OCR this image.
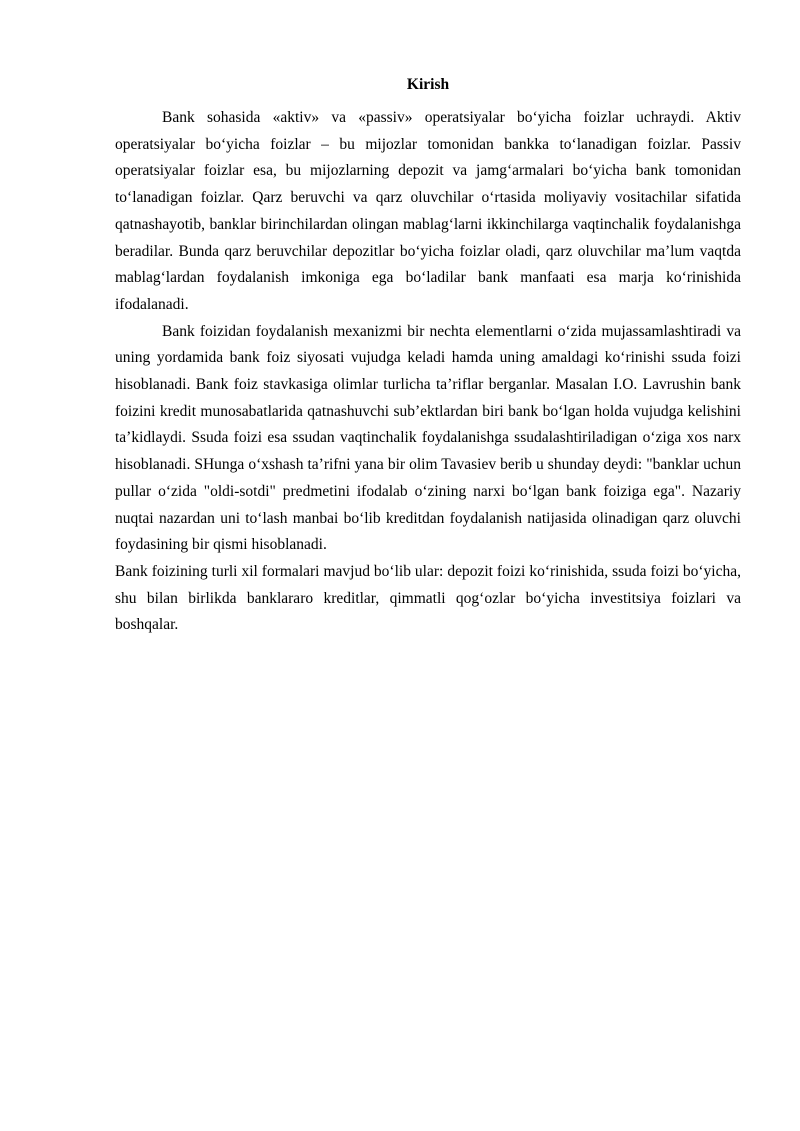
Kirish

Bank sohasida «aktiv» va «passiv» operatsiyalar bo‘yicha foizlar uchraydi. Aktiv operatsiyalar bo‘yicha foizlar – bu mijozlar tomonidan bankka to‘lanadigan foizlar. Passiv operatsiyalar foizlar esa, bu mijozlarning depozit va jamg‘armalari bo‘yicha bank tomonidan to‘lanadigan foizlar. Qarz beruvchi va qarz oluvchilar o‘rtasida moliyaviy vositachilar sifatida qatnashayotib, banklar birinchilardan olingan mablag‘larni ikkinchilarga vaqtinchalik foydalanishga beradilar. Bunda qarz beruvchilar depozitlar bo‘yicha foizlar oladi, qarz oluvchilar ma’lum vaqtda mablag‘lardan foydalanish imkoniga ega bo‘ladilar bank manfaati esa marja ko‘rinishida ifodalanadi.

Bank foizidan foydalanish mexanizmi bir nechta elementlarni o‘zida mujassamlashtiradi va uning yordamida bank foiz siyosati vujudga keladi hamda uning amaldagi ko‘rinishi ssuda foizi hisoblanadi. Bank foiz stavkasiga olimlar turlicha ta’riflar berganlar. Masalan I.O. Lavrushin bank foizini kredit munosabatlarida qatnashuvchi sub’ektlardan biri bank bo‘lgan holda vujudga kelishini ta’kidlaydi. Ssuda foizi esa ssudan vaqtinchalik foydalanishga ssudalashtiriladigan o‘ziga xos narx hisoblanadi. SHunga o‘xshash ta’rifni yana bir olim Tavasiev berib u shunday deydi: "banklar uchun pullar o‘zida "oldi-sotdi" predmetini ifodalab o‘zining narxi bo‘lgan bank foiziga ega". Nazariy nuqtai nazardan uni to‘lash manbai bo‘lib kreditdan foydalanish natijasida olinadigan qarz oluvchi foydasining bir qismi hisoblanadi.

Bank foizining turli xil formalari mavjud bo‘lib ular: depozit foizi ko‘rinishida, ssuda foizi bo‘yicha, shu bilan birlikda banklararo kreditlar, qimmatli qog‘ozlar bo‘yicha investitsiya foizlari va boshqalar.
